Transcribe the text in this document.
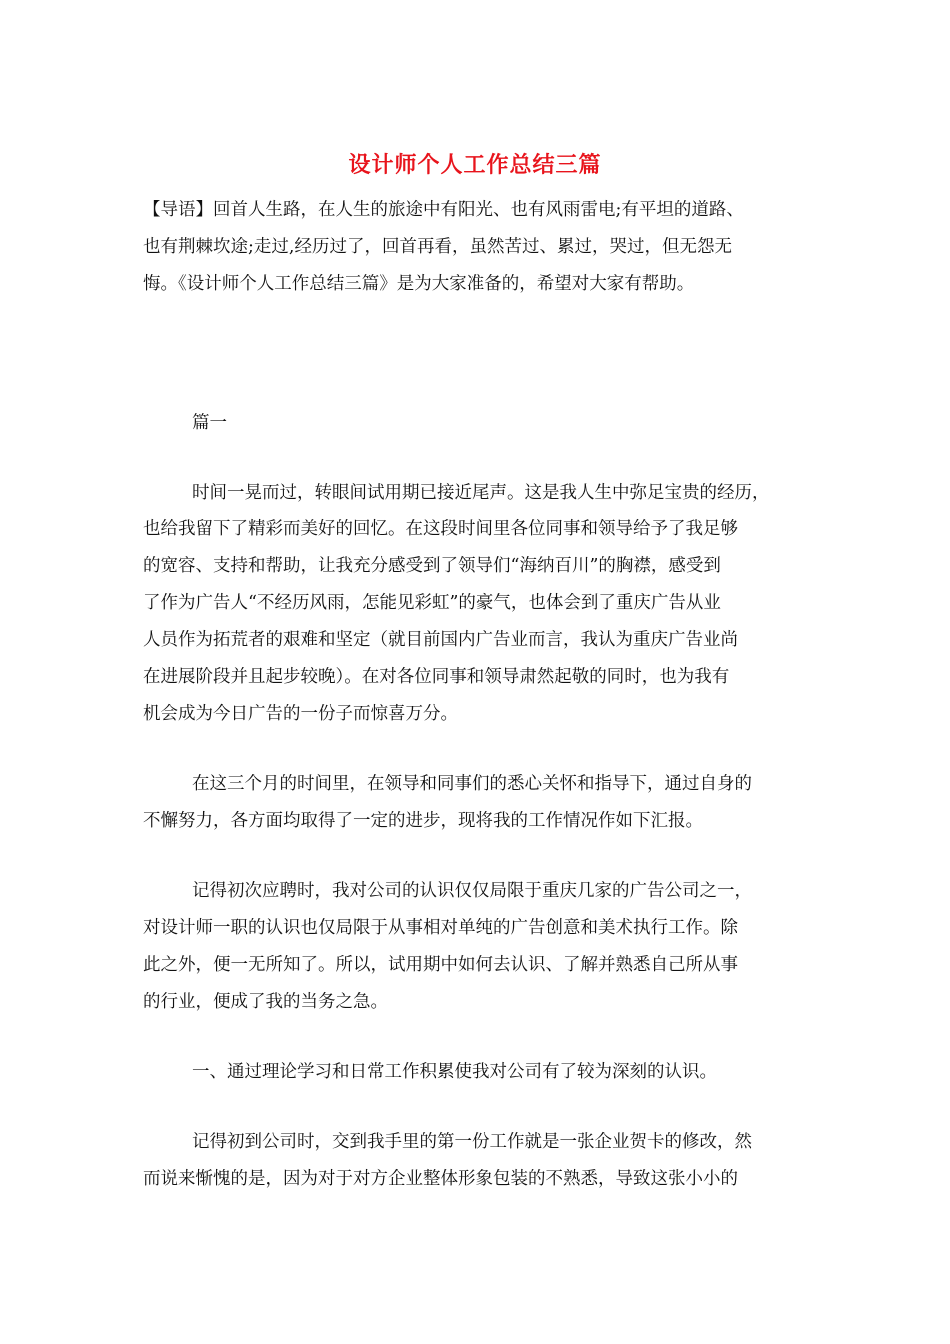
设计师个人工作总结三篇
【导语】回首人生路，在人生的旅途中有阳光、也有风雨雷电;有平坦的道路、
也有荆棘坎途;走过,经历过了，回首再看，虽然苦过、累过，哭过，但无怨无
悔。《设计师个人工作总结三篇》是为大家准备的，希望对大家有帮助。
篇一
时间一晃而过，转眼间试用期已接近尾声。这是我人生中弥足宝贵的经历，
也给我留下了精彩而美好的回忆。在这段时间里各位同事和领导给予了我足够
的宽容、支持和帮助，让我充分感受到了领导们“海纳百川”的胸襟，感受到
了作为广告人“不经历风雨，怎能见彩虹”的豪气，也体会到了重庆广告从业
人员作为拓荒者的艰难和坚定（就目前国内广告业而言，我认为重庆广告业尚
在进展阶段并且起步较晚）。在对各位同事和领导肃然起敬的同时，也为我有
机会成为今日广告的一份子而惊喜万分。
在这三个月的时间里，在领导和同事们的悉心关怀和指导下，通过自身的
不懈努力，各方面均取得了一定的进步，现将我的工作情况作如下汇报。
记得初次应聘时，我对公司的认识仅仅局限于重庆几家的广告公司之一，
对设计师一职的认识也仅局限于从事相对单纯的广告创意和美术执行工作。除
此之外，便一无所知了。所以，试用期中如何去认识、了解并熟悉自己所从事
的行业，便成了我的当务之急。
一、通过理论学习和日常工作积累使我对公司有了较为深刻的认识。
记得初到公司时，交到我手里的第一份工作就是一张企业贺卡的修改，然
而说来惭愧的是，因为对于对方企业整体形象包装的不熟悉，导致这张小小的
